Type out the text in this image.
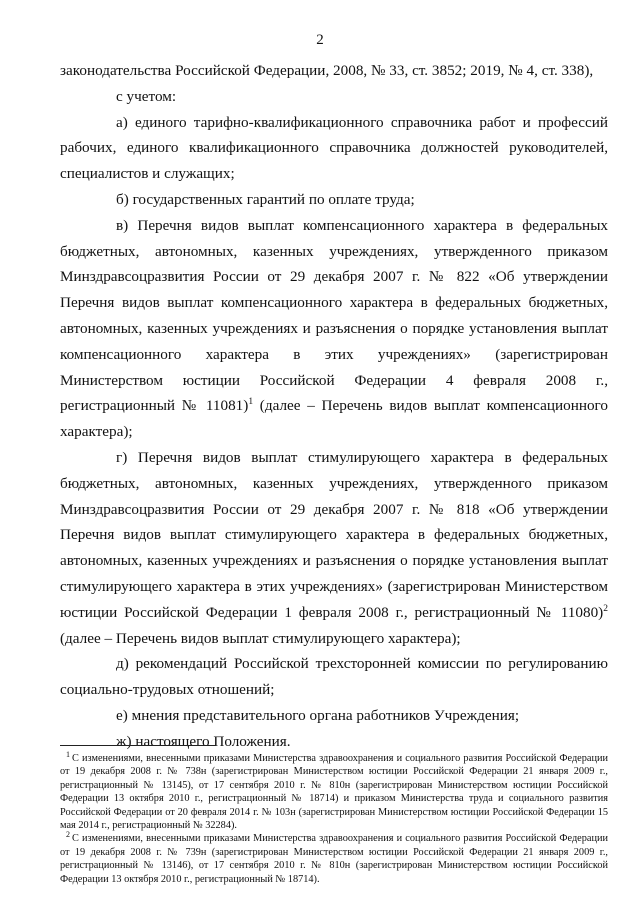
2

законодательства Российской Федерации, 2008, № 33, ст. 3852; 2019, № 4, ст. 338),

с учетом:

а) единого тарифно-квалификационного справочника работ и профессий рабочих, единого квалификационного справочника должностей руководителей, специалистов и служащих;

б) государственных гарантий по оплате труда;

в) Перечня видов выплат компенсационного характера в федеральных бюджетных, автономных, казенных учреждениях, утвержденного приказом Минздравсоцразвития России от 29 декабря 2007 г. № 822 «Об утверждении Перечня видов выплат компенсационного характера в федеральных бюджетных, автономных, казенных учреждениях и разъяснения о порядке установления выплат компенсационного характера в этих учреждениях» (зарегистрирован Министерством юстиции Российской Федерации 4 февраля 2008 г., регистрационный № 11081)$^1$ (далее – Перечень видов выплат компенсационного характера);

г) Перечня видов выплат стимулирующего характера в федеральных бюджетных, автономных, казенных учреждениях, утвержденного приказом Минздравсоцразвития России от 29 декабря 2007 г. № 818 «Об утверждении Перечня видов выплат стимулирующего характера в федеральных бюджетных, автономных, казенных учреждениях и разъяснения о порядке установления выплат стимулирующего характера в этих учреждениях» (зарегистрирован Министерством юстиции Российской Федерации 1 февраля 2008 г., регистрационный № 11080)$^2$ (далее – Перечень видов выплат стимулирующего характера);

д) рекомендаций Российской трехсторонней комиссии по регулированию социально-трудовых отношений;

е) мнения представительного органа работников Учреждения;

ж) настоящего Положения.

$^1$ С изменениями, внесенными приказами Министерства здравоохранения и социального развития Российской Федерации от 19 декабря 2008 г. № 738н (зарегистрирован Министерством юстиции Российской Федерации 21 января 2009 г., регистрационный № 13145), от 17 сентября 2010 г. № 810н (зарегистрирован Министерством юстиции Российской Федерации 13 октября 2010 г., регистрационный № 18714) и приказом Министерства труда и социального развития Российской Федерации от 20 февраля 2014 г. № 103н (зарегистрирован Министерством юстиции Российской Федерации 15 мая 2014 г., регистрационный № 32284).

$^2$ С изменениями, внесенными приказами Министерства здравоохранения и социального развития Российской Федерации от 19 декабря 2008 г. № 739н (зарегистрирован Министерством юстиции Российской Федерации 21 января 2009 г., регистрационный № 13146), от 17 сентября 2010 г. № 810н (зарегистрирован Министерством юстиции Российской Федерации 13 октября 2010 г., регистрационный № 18714).
